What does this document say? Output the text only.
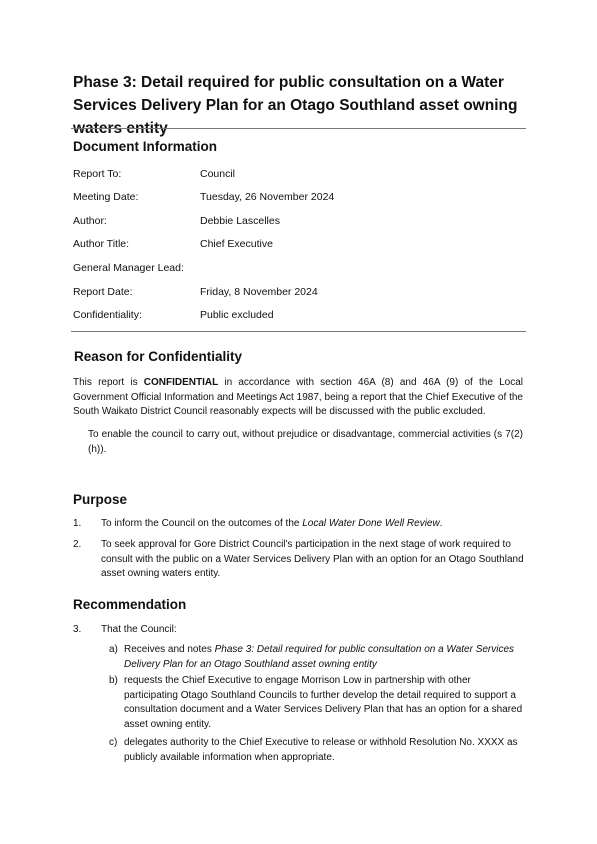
Phase 3: Detail required for public consultation on a Water Services Delivery Plan for an Otago Southland asset owning waters entity
Document Information
Report To:	Council
Meeting Date:	Tuesday, 26 November 2024
Author:	Debbie Lascelles
Author Title:	Chief Executive
General Manager Lead:
Report Date:	Friday, 8 November 2024
Confidentiality:	Public excluded
Reason for Confidentiality
This report is CONFIDENTIAL in accordance with section 46A (8) and 46A (9) of the Local Government Official Information and Meetings Act 1987, being a report that the Chief Executive of the South Waikato District Council reasonably expects will be discussed with the public excluded.
To enable the council to carry out, without prejudice or disadvantage, commercial activities (s 7(2)(h)).
Purpose
1. To inform the Council on the outcomes of the Local Water Done Well Review.
2. To seek approval for Gore District Council's participation in the next stage of work required to consult with the public on a Water Services Delivery Plan with an option for an Otago Southland asset owning waters entity.
Recommendation
3. That the Council:
a) Receives and notes Phase 3: Detail required for public consultation on a Water Services Delivery Plan for an Otago Southland asset owning entity
b) requests the Chief Executive to engage Morrison Low in partnership with other participating Otago Southland Councils to further develop the detail required to support a consultation document and a Water Services Delivery Plan that has an option for a shared asset owning entity.
c) delegates authority to the Chief Executive to release or withhold Resolution No. XXXX as publicly available information when appropriate.
